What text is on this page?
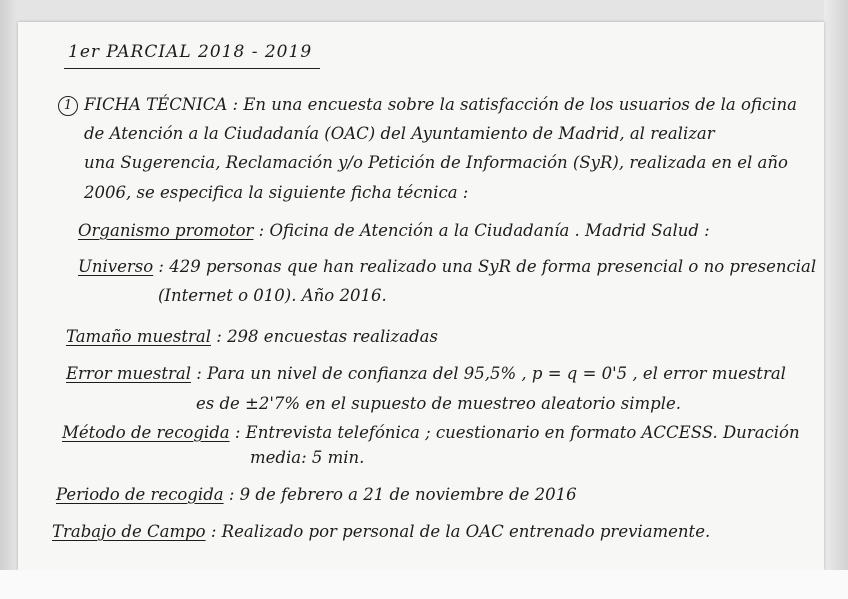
1er PARCIAL 2018 - 2019
1 FICHA TÉCNICA : En una encuesta sobre la satisfacción de los usuarios de la oficina
de Atención a la Ciudadanía (OAC) del Ayuntamiento de Madrid, al realizar
una Sugerencia, Reclamación y/o Petición de Información (SyR), realizada en el año
2006, se especifica la siguiente ficha técnica :
Organismo promotor : Oficina de Atención a la Ciudadanía . Madrid Salud :
Universo : 429 personas que han realizado una SyR de forma presencial o no presencial
(Internet o 010). Año 2016.
Tamaño muestral : 298 encuestas realizadas
Error muestral : Para un nivel de confianza del 95,5% , p = q = 0'5 , el error muestral
es de ±2'7% en el supuesto de muestreo aleatorio simple.
Método de recogida : Entrevista telefónica ; cuestionario en formato ACCESS. Duración
media: 5 min.
Periodo de recogida : 9 de febrero a 21 de noviembre de 2016
Trabajo de Campo : Realizado por personal de la OAC entrenado previamente.
